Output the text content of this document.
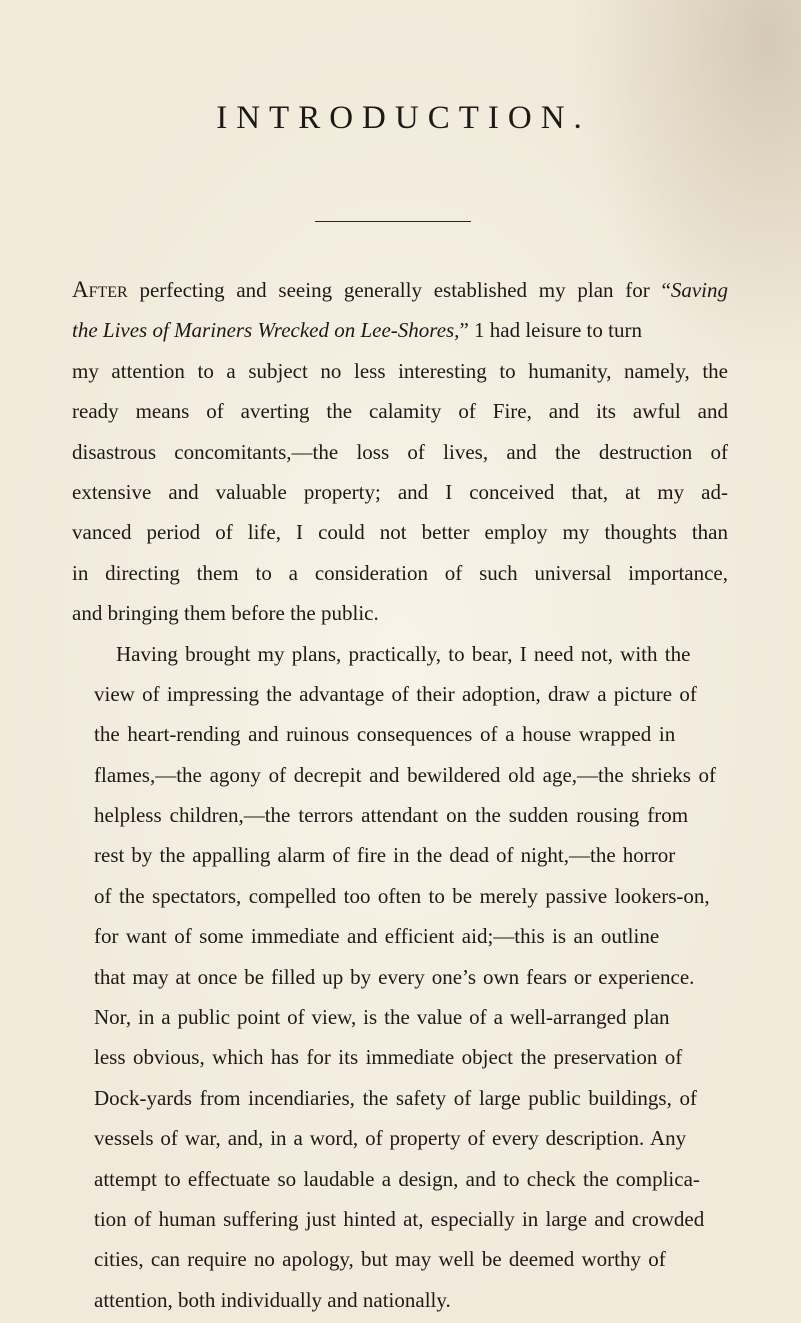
INTRODUCTION.

After perfecting and seeing generally established my plan for “Saving
the Lives of Mariners Wrecked on Lee-Shores,” 1 had leisure to turn
my attention to a subject no less interesting to humanity, namely, the
ready means of averting the calamity of Fire, and its awful and
disastrous concomitants,—the loss of lives, and the destruction of
extensive and valuable property; and I conceived that, at my ad-
vanced period of life, I could not better employ my thoughts than
in directing them to a consideration of such universal importance,
and bringing them before the public.

Having brought my plans, practically, to bear, I need not, with the
view of impressing the advantage of their adoption, draw a picture of
the heart-rending and ruinous consequences of a house wrapped in
flames,—the agony of decrepit and bewildered old age,—the shrieks of
helpless children,—the terrors attendant on the sudden rousing from
rest by the appalling alarm of fire in the dead of night,—the horror
of the spectators, compelled too often to be merely passive lookers-on,
for want of some immediate and efficient aid;—this is an outline
that may at once be filled up by every one’s own fears or experience.
Nor, in a public point of view, is the value of a well-arranged plan
less obvious, which has for its immediate object the preservation of
Dock-yards from incendiaries, the safety of large public buildings, of
vessels of war, and, in a word, of property of every description. Any
attempt to effectuate so laudable a design, and to check the complica-
tion of human suffering just hinted at, especially in large and crowded
cities, can require no apology, but may well be deemed worthy of
attention, both individually and nationally.
